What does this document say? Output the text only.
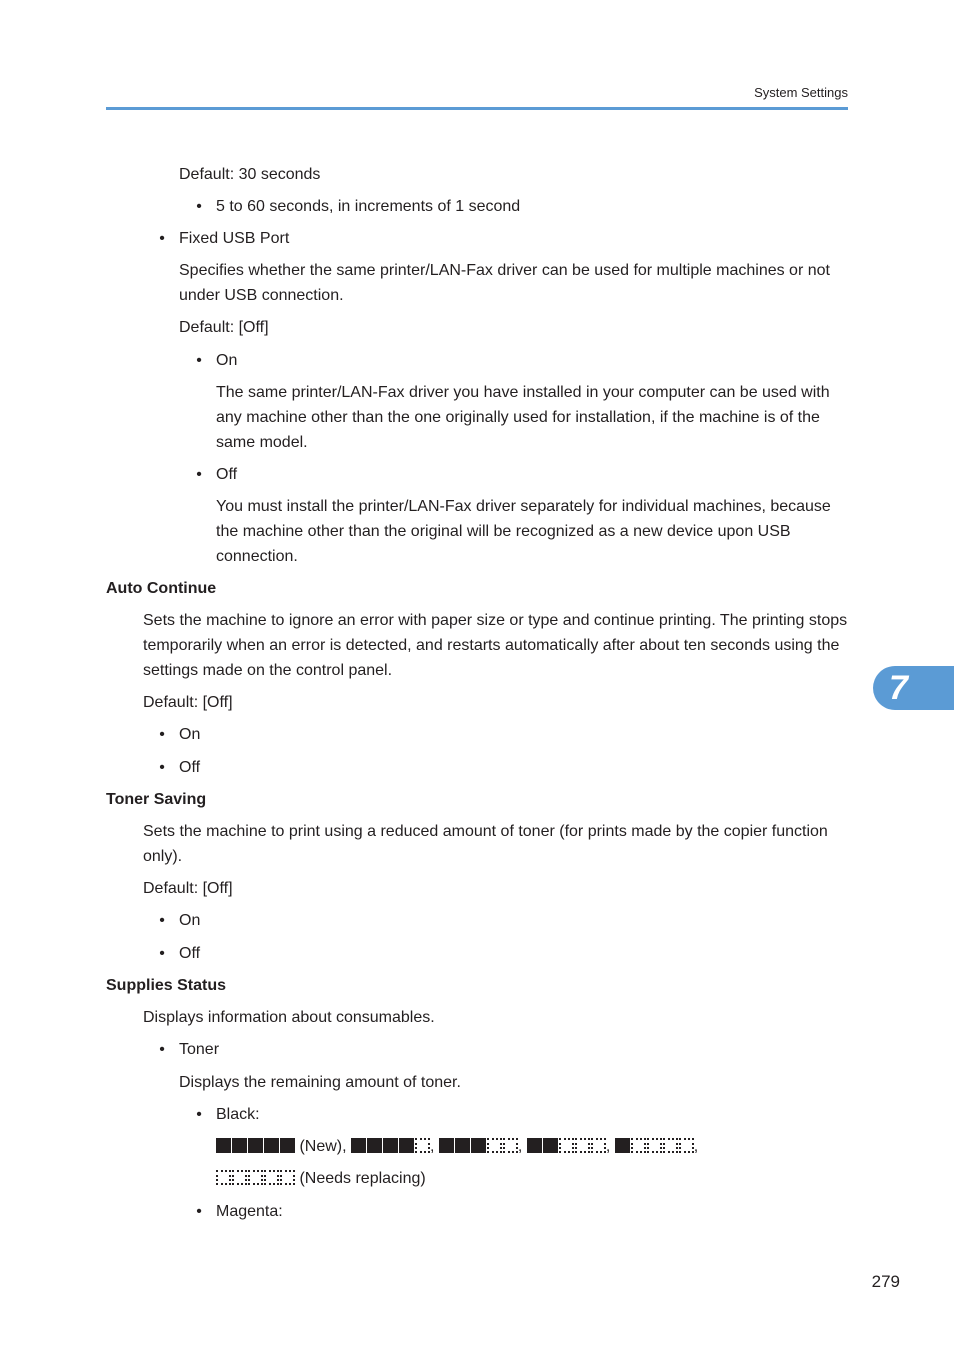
System Settings
7
279
Default: 30 seconds
• 5 to 60 seconds, in increments of 1 second
• Fixed USB Port
Specifies whether the same printer/LAN-Fax driver can be used for multiple machines or not
under USB connection.
Default: [Off]
• On
The same printer/LAN-Fax driver you have installed in your computer can be used with
any machine other than the one originally used for installation, if the machine is of the
same model.
• Off
You must install the printer/LAN-Fax driver separately for individual machines, because
the machine other than the original will be recognized as a new device upon USB
connection.
Auto Continue
Sets the machine to ignore an error with paper size or type and continue printing. The printing stops
temporarily when an error is detected, and restarts automatically after about ten seconds using the
settings made on the control panel.
Default: [Off]
• On
• Off
Toner Saving
Sets the machine to print using a reduced amount of toner (for prints made by the copier function
only).
Default: [Off]
• On
• Off
Supplies Status
Displays information about consumables.
• Toner
Displays the remaining amount of toner.
• Black:
(New),	,	,	,	,
(Needs replacing)
• Magenta:
